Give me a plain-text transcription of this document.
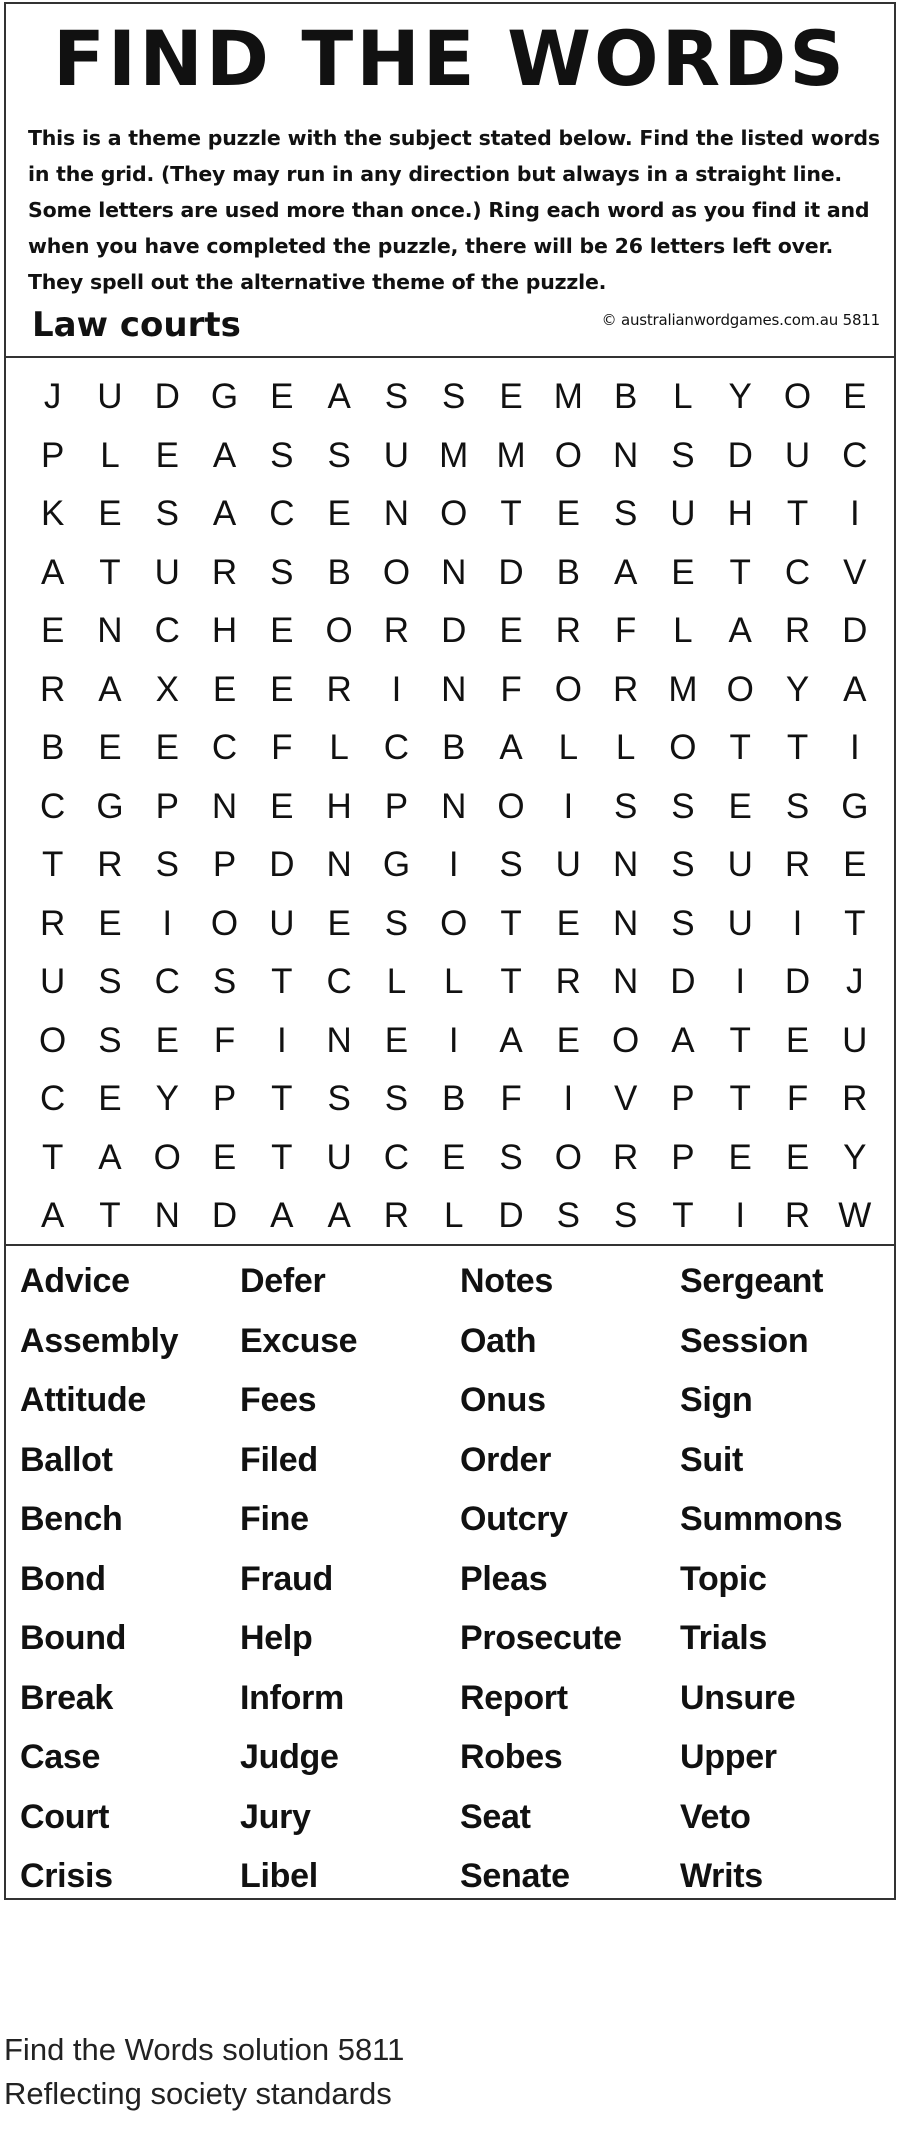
FIND THE WORDS

This is a theme puzzle with the subject stated below. Find the listed words in the grid. (They may run in any direction but always in a straight line. Some letters are used more than once.) Ring each word as you find it and when you have completed the puzzle, there will be 26 letters left over. They spell out the alternative theme of the puzzle.
© australianwordgames.com.au 5811

Law courts
J	U D G E A S S E M B	L	Y O E
P	L	E A S S U M M O N S D U C
K E S A C E N O T E S U H T	I
A T U R S B O N D B A E T C V
E N C H E O R D E R F	L	A R D
R A X E E R	I	N F O R M O Y A
B E E C F	L C B A	L	L O T	T	I
C G P N E H P N O	I	S S E S G
T R S P D N G	I	S U N S U R E
R E	I	O U E S O T E N S U	I	T
U S C S T C L	L	T R N D	I	D	J
O S E F	I	N E	I	A E O A T E U
C E Y P T S S B F	I	V P T	F R
T A O E T U C E S O R P E E Y
A T N D A A R L D S S T	I	R W
Advice
Assembly
Attitude
Ballot
Bench
Bond
Bound
Break
Case
Court
Crisis
Defer
Excuse
Fees
Filed
Fine
Fraud
Help
Inform
Judge
Jury
Libel
Notes
Oath
Onus
Order
Outcry
Pleas
Prosecute
Report
Robes
Seat
Senate
Sergeant
Session
Sign
Suit
Summons
Topic
Trials
Unsure
Upper
Veto
Writs
Find the Words solution 5811
Reflecting society standards
